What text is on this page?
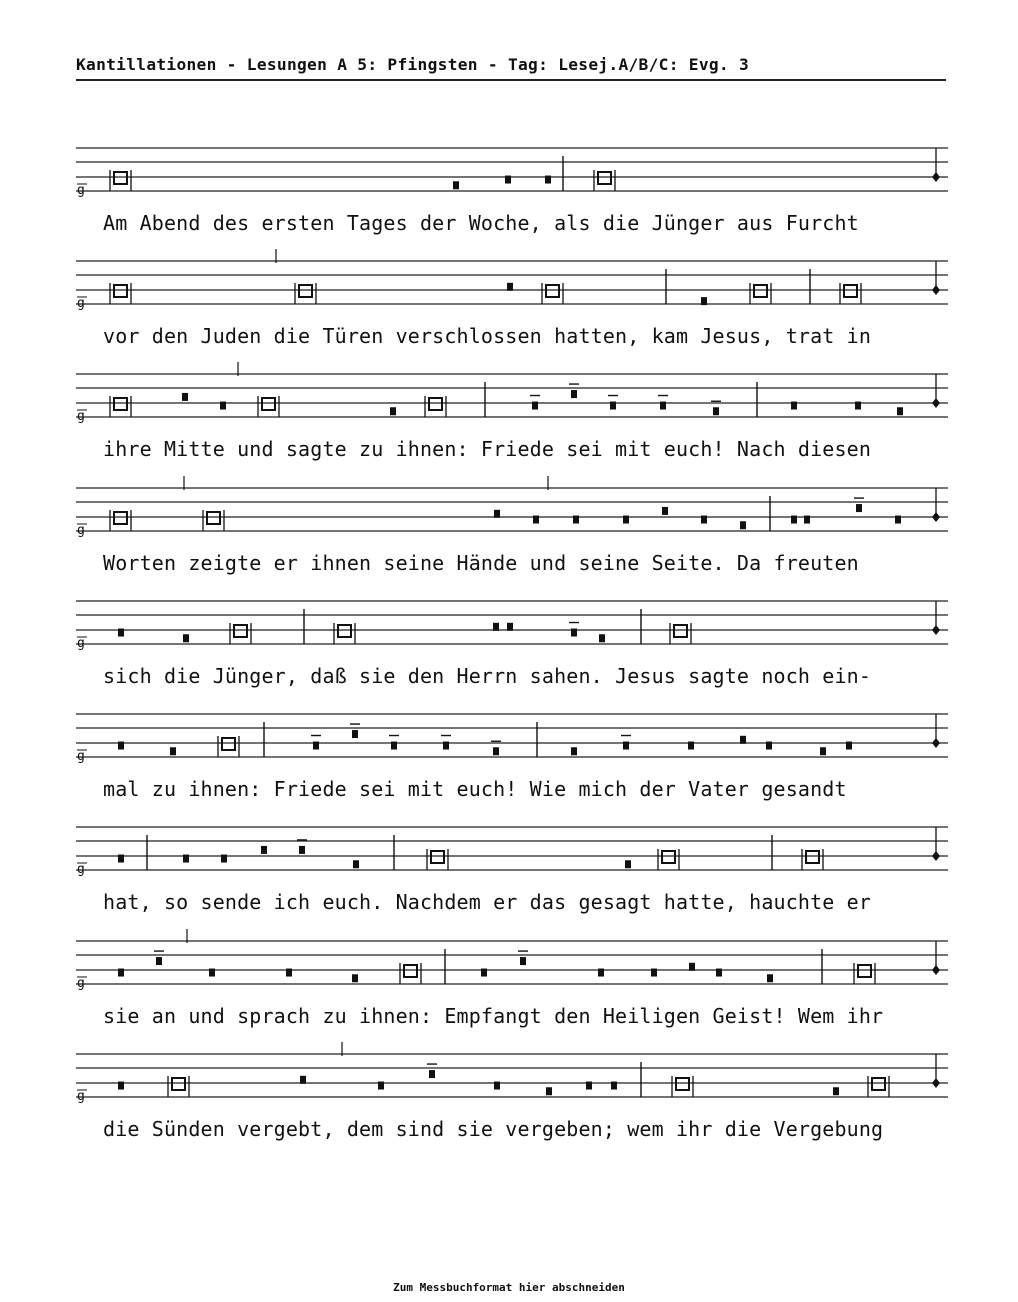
Kantillationen - Lesungen A 5: Pfingsten - Tag: Lesej.A/B/C: Evg. 3
g
Am Abend des ersten Tages der Woche, als die Jünger aus Furcht
g
vor den Juden die Türen verschlossen hatten, kam Jesus, trat in
g
ihre Mitte und sagte zu ihnen: Friede sei mit euch! Nach diesen
g
Worten zeigte er ihnen seine Hände und seine Seite. Da freuten
g
sich die Jünger, daß sie den Herrn sahen. Jesus sagte noch ein-
g
mal zu ihnen: Friede sei mit euch! Wie mich der Vater gesandt
g
hat, so sende ich euch. Nachdem er das gesagt hatte, hauchte er
g
sie an und sprach zu ihnen: Empfangt den Heiligen Geist! Wem ihr
g
die Sünden vergebt, dem sind sie vergeben; wem ihr die Vergebung
Zum Messbuchformat hier abschneiden
